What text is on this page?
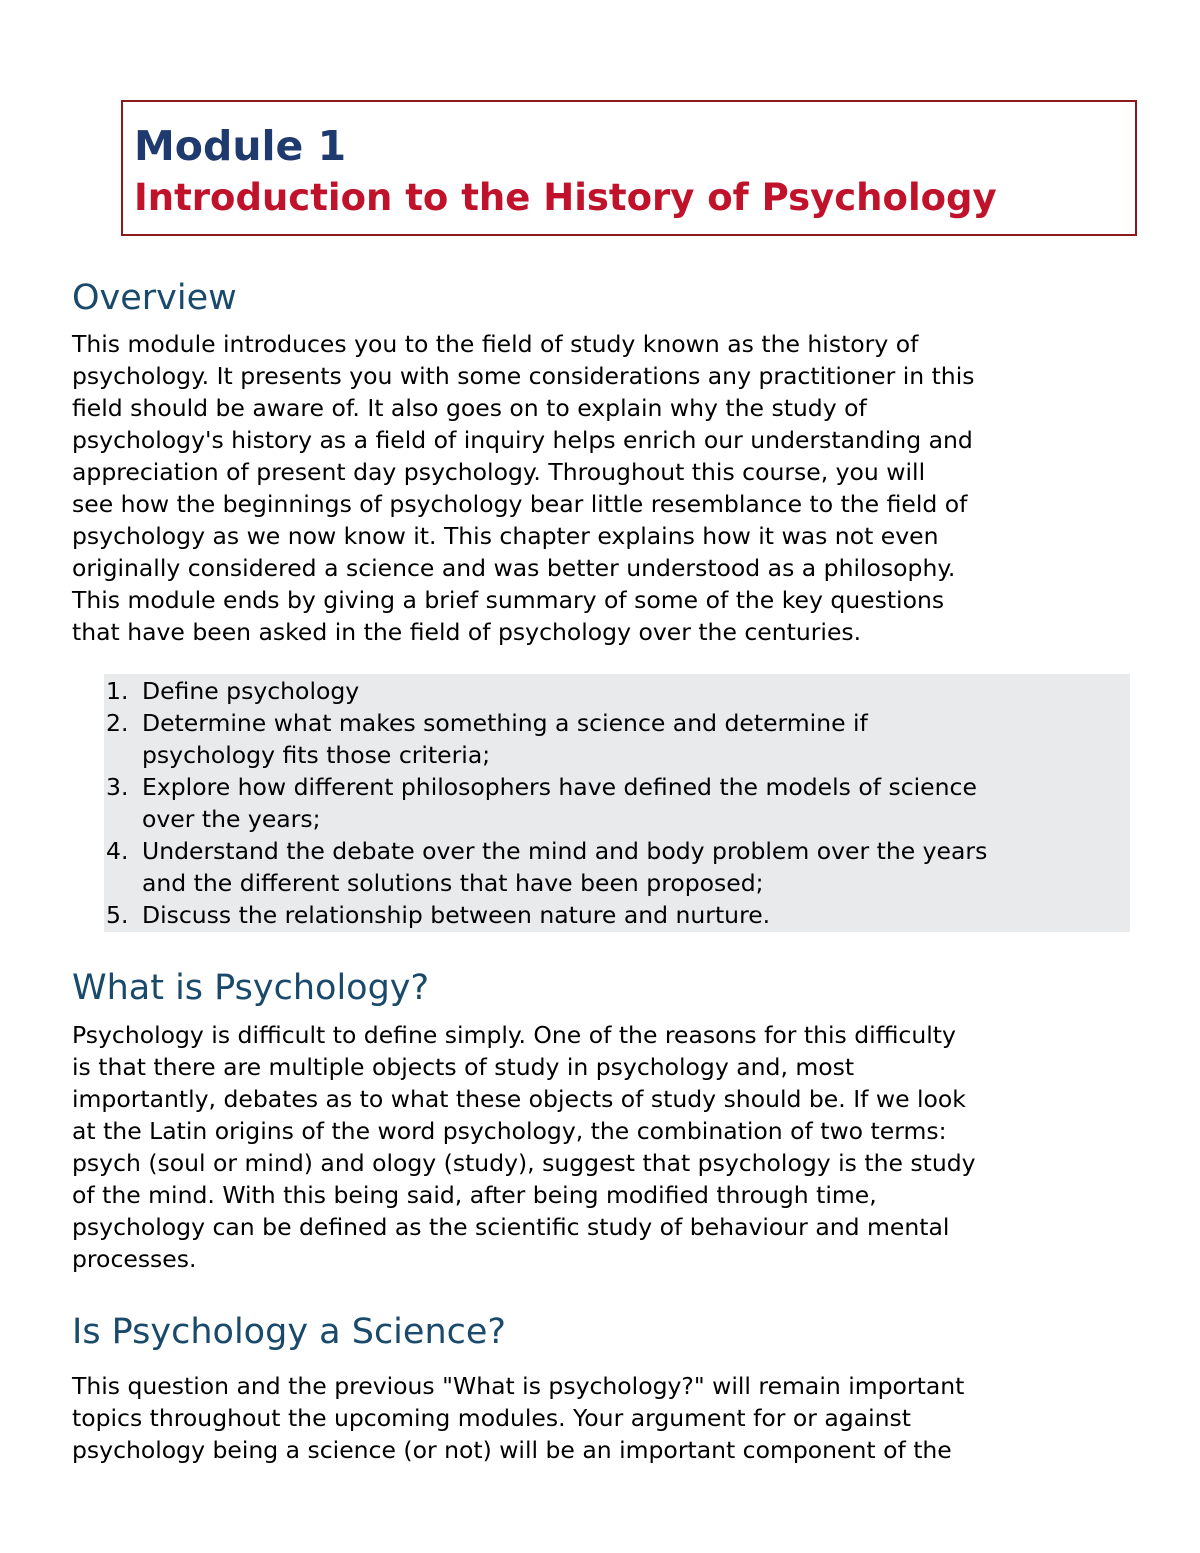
Module 1
Introduction to the History of Psychology
Overview
This module introduces you to the field of study known as the history of
psychology. It presents you with some considerations any practitioner in this
field should be aware of. It also goes on to explain why the study of
psychology's history as a field of inquiry helps enrich our understanding and
appreciation of present day psychology. Throughout this course, you will
see how the beginnings of psychology bear little resemblance to the field of
psychology as we now know it. This chapter explains how it was not even
originally considered a science and was better understood as a philosophy.
This module ends by giving a brief summary of some of the key questions
that have been asked in the field of psychology over the centuries.
1. Define psychology
2. Determine what makes something a science and determine if
psychology fits those criteria;
3. Explore how different philosophers have defined the models of science
over the years;
4. Understand the debate over the mind and body problem over the years
and the different solutions that have been proposed;
5. Discuss the relationship between nature and nurture.
What is Psychology?
Psychology is difficult to define simply. One of the reasons for this difficulty
is that there are multiple objects of study in psychology and, most
importantly, debates as to what these objects of study should be. If we look
at the Latin origins of the word psychology, the combination of two terms:
psych (soul or mind) and ology (study), suggest that psychology is the study
of the mind. With this being said, after being modified through time,
psychology can be defined as the scientific study of behaviour and mental
processes.
Is Psychology a Science?
This question and the previous "What is psychology?" will remain important
topics throughout the upcoming modules. Your argument for or against
psychology being a science (or not) will be an important component of the
